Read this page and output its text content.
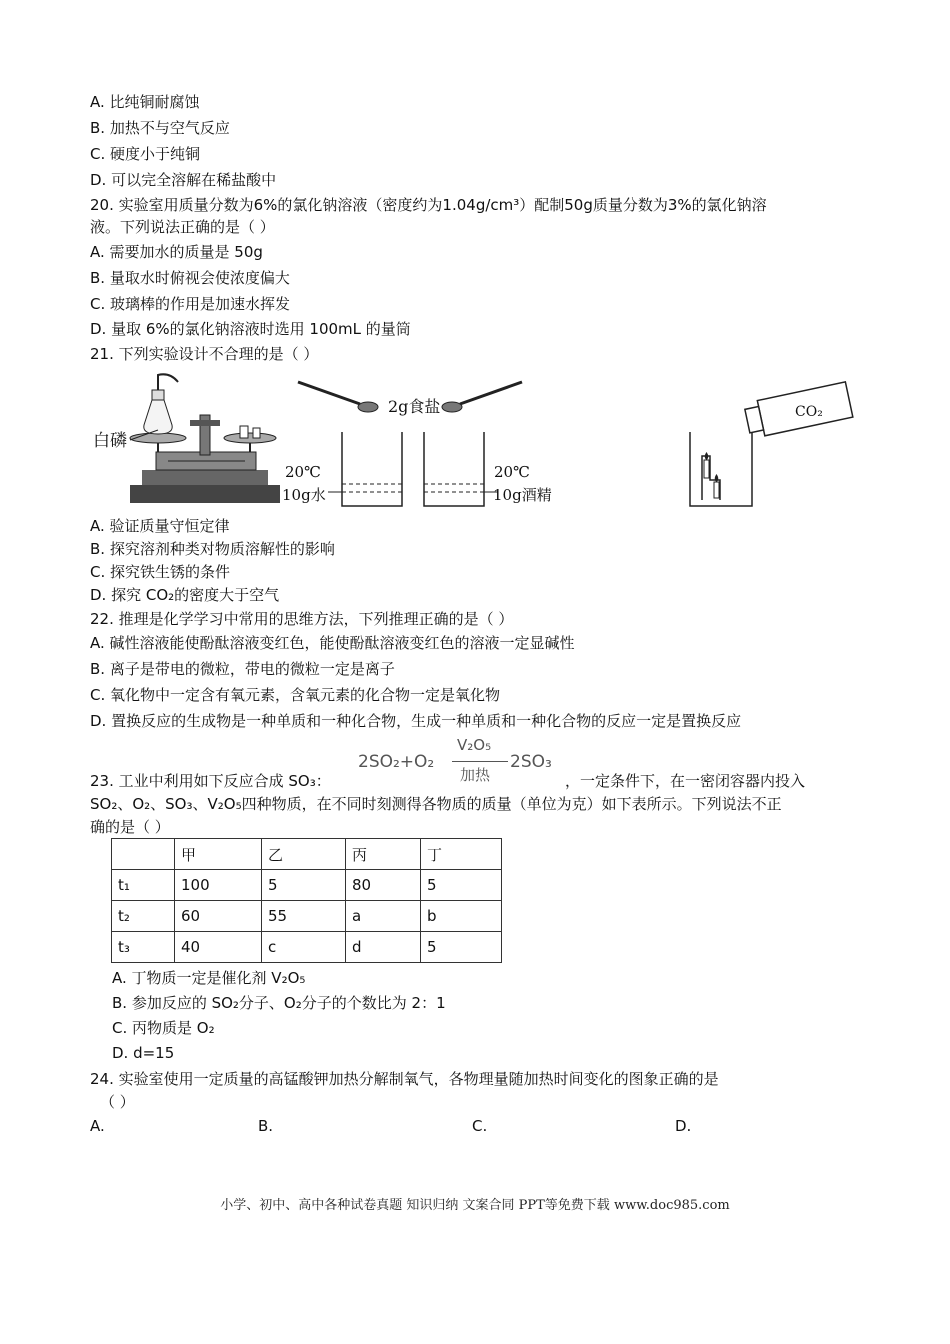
A. 比纯铜耐腐蚀
B. 加热不与空气反应
C. 硬度小于纯铜
D. 可以完全溶解在稀盐酸中
20. 实验室用质量分数为6%的氯化钠溶液（密度约为1.04g/cm³）配制50g质量分数为3%的氯化钠溶
液。下列说法正确的是（ ）
A. 需要加水的质量是 50g
B. 量取水时俯视会使浓度偏大
C. 玻璃棒的作用是加速水挥发
D. 量取 6%的氯化钠溶液时选用 100mL 的量筒
21. 下列实验设计不合理的是（ ）
白磷
2g食盐
20℃
10g水
20℃
10g酒精
CO₂
A. 验证质量守恒定律
B. 探究溶剂种类对物质溶解性的影响
C. 探究铁生锈的条件
D. 探究 CO₂的密度大于空气
22. 推理是化学学习中常用的思维方法，下列推理正确的是（ ）
A. 碱性溶液能使酚酞溶液变红色，能使酚酞溶液变红色的溶液一定显碱性
B. 离子是带电的微粒，带电的微粒一定是离子
C. 氧化物中一定含有氧元素，含氧元素的化合物一定是氧化物
D. 置换反应的生成物是一种单质和一种化合物，生成一种单质和一种化合物的反应一定是置换反应
23. 工业中利用如下反应合成 SO₃：
2SO₂+O₂
V₂O₅
加热
2SO₃
，一定条件下，在一密闭容器内投入
SO₂、O₂、SO₃、V₂O₅四种物质，在不同时刻测得各物质的质量（单位为克）如下表所示。下列说法不正
确的是（ ）
	甲	乙	丙	丁
t₁	100	5	80	5
t₂	60	55	a	b
t₃	40	c	d	5
A. 丁物质一定是催化剂 V₂O₅
B. 参加反应的 SO₂分子、O₂分子的个数比为 2：1
C. 丙物质是 O₂
D. d=15
24. 实验室使用一定质量的高锰酸钾加热分解制氧气，各物理量随加热时间变化的图象正确的是
（ ）
A.	B.	C.	D.
小学、初中、高中各种试卷真题 知识归纳 文案合同 PPT等免费下载 www.doc985.com
